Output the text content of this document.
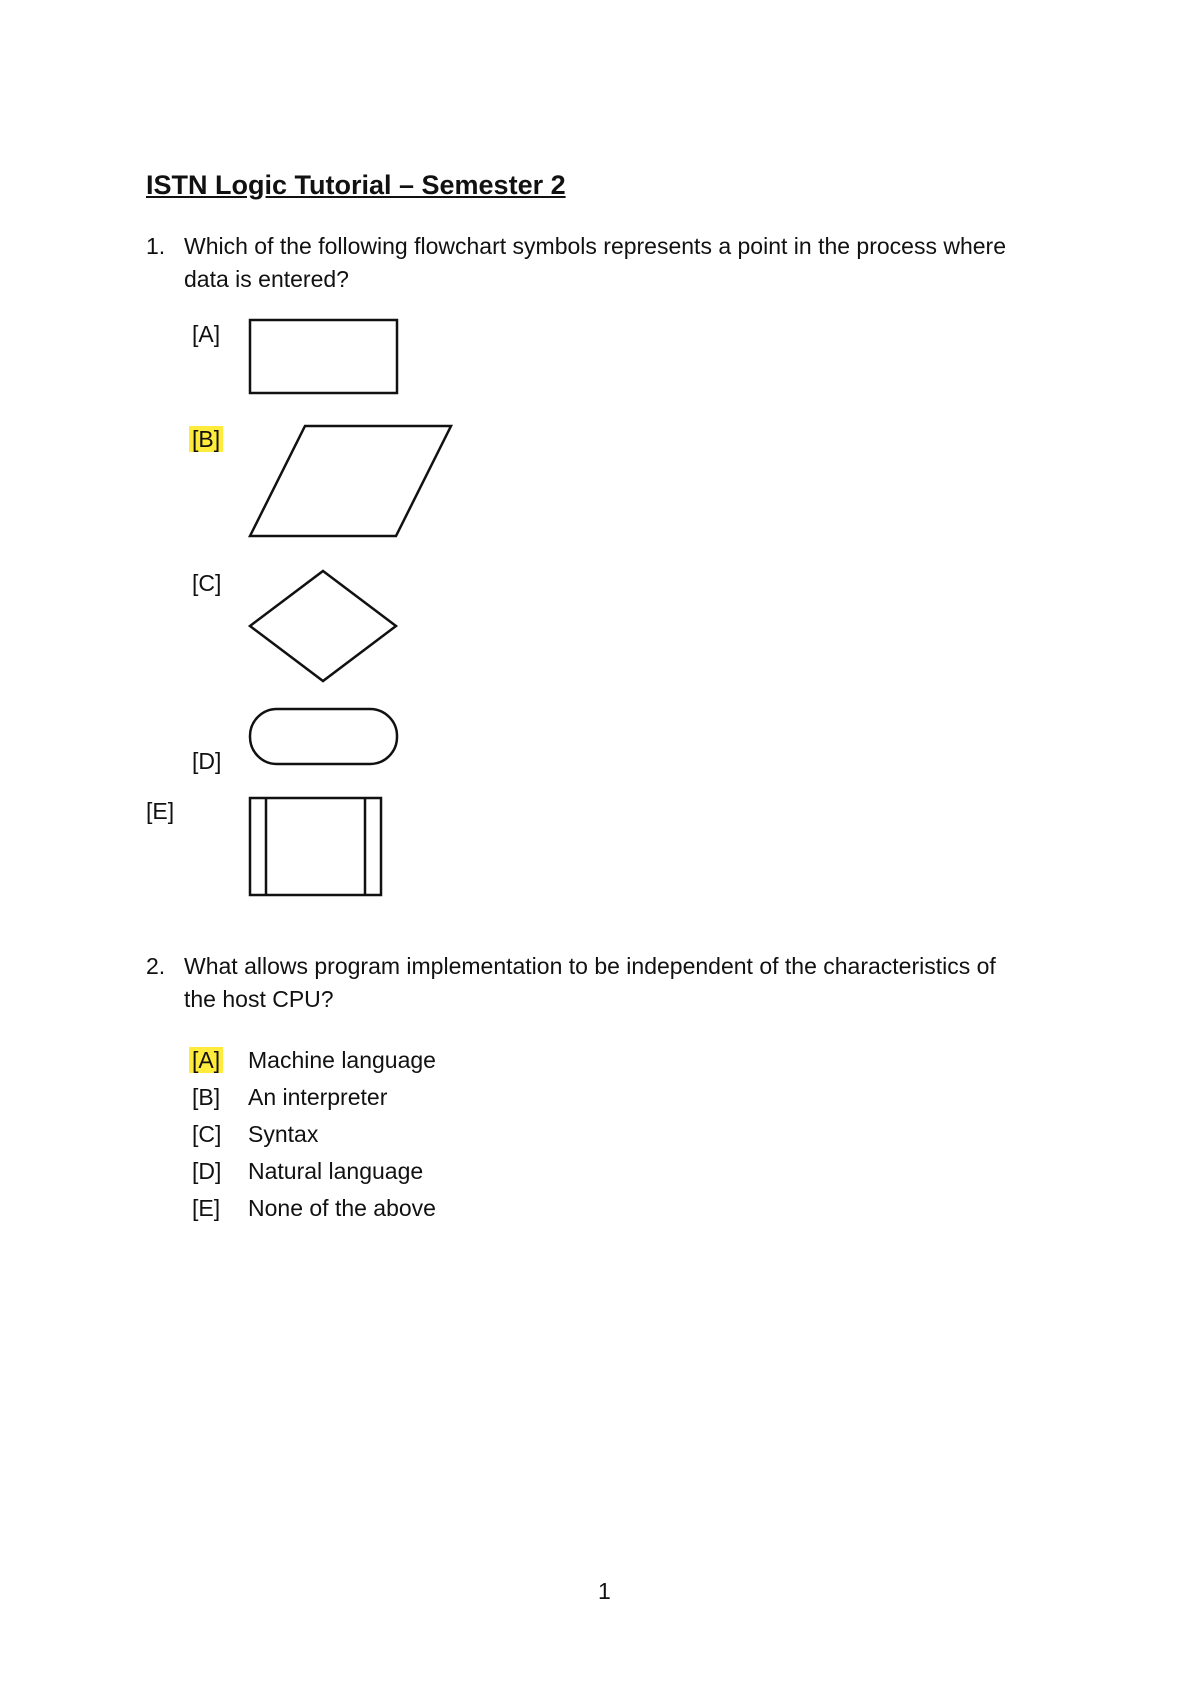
ISTN Logic Tutorial – Semester 2
1. Which of the following flowchart symbols represents a point in the process where
data is entered?
[A]
[B]
[C]
[D]
[E]
2. What allows program implementation to be independent of the characteristics of
the host CPU?
[A] Machine language
[B] An interpreter
[C] Syntax
[D] Natural language
[E] None of the above
1
